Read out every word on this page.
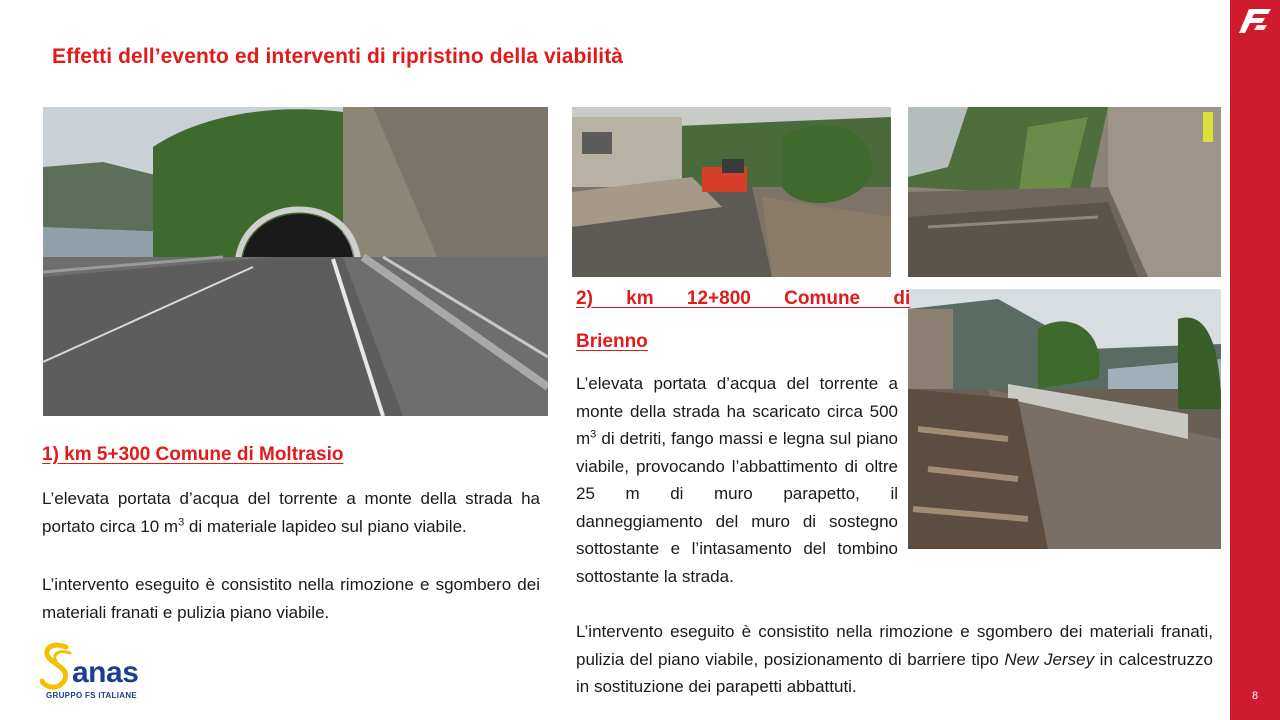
8
Effetti dell’evento ed interventi di ripristino della viabilità
1) km 5+300 Comune di Moltrasio
L’elevata portata d’acqua del torrente a monte della strada ha portato circa 10 $m^3$ di materiale lapideo sul piano viabile.
L’intervento eseguito è consistito nella rimozione e sgombero dei materiali franati e pulizia piano viabile.
2) km 12+800 Comune di
Brienno
L’elevata portata d’acqua del torrente a monte della strada ha scaricato circa 500 $m^3$ di detriti, fango massi e legna sul piano viabile, provocando l’abbattimento di oltre 25 m di muro parapetto, il danneggiamento del muro di sostegno sottostante e l’intasamento del tombino sottostante la strada.
L’intervento eseguito è consistito nella rimozione e sgombero dei materiali franati, pulizia del piano viabile, posizionamento di barriere tipo New Jersey in calcestruzzo in sostituzione dei parapetti abbattuti.
anas
GRUPPO FS ITALIANE
